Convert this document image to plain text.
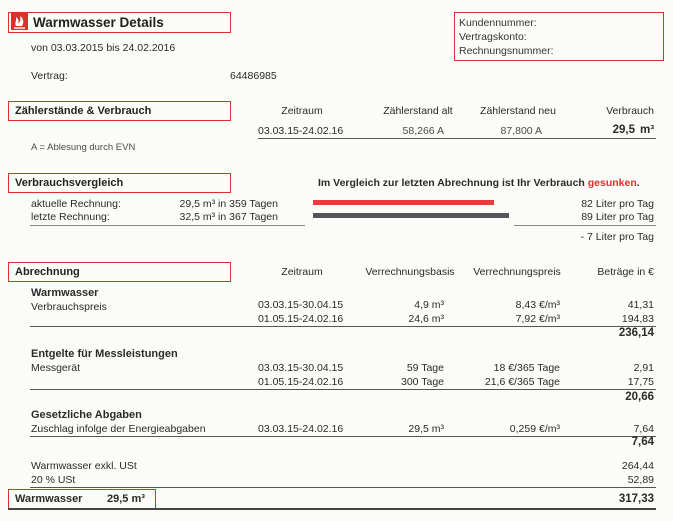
Warmwasser Details
von 03.03.2015 bis 24.02.2016
Vertrag:	64486985
Kundennummer:
Vertragskonto:
Rechnungsnummer:
Zählerstände & Verbrauch	Zeitraum	Zählerstand alt	Zählerstand neu	Verbrauch
03.03.15-24.02.16	58,266 A	87,800 A	29,5 m³
A = Ablesung durch EVN
Verbrauchsvergleich	Im Vergleich zur letzten Abrechnung ist Ihr Verbrauch gesunken.
aktuelle Rechnung:	29,5 m³ in 359 Tagen
letzte Rechnung:	32,5 m³ in 367 Tagen
82 Liter pro Tag
89 Liter pro Tag
- 7 Liter pro Tag
Abrechnung	Zeitraum	Verrechnungsbasis	Verrechnungspreis	Beträge in €
Warmwasser
Verbrauchspreis	03.03.15-30.04.15	4,9 m³	8,43 €/m³	41,31
01.05.15-24.02.16	24,6 m³	7,92 €/m³	194,83
236,14
Entgelte für Messleistungen
Messgerät	03.03.15-30.04.15	59 Tage	18 €/365 Tage	2,91
01.05.15-24.02.16	300 Tage	21,6 €/365 Tage	17,75
20,66
Gesetzliche Abgaben
Zuschlag infolge der Energieabgaben	03.03.15-24.02.16	29,5 m³	0,259 €/m³	7,64
7,64
Warmwasser exkl. USt	264,44
20 % USt	52,89
Warmwasser 29,5 m³	317,33
